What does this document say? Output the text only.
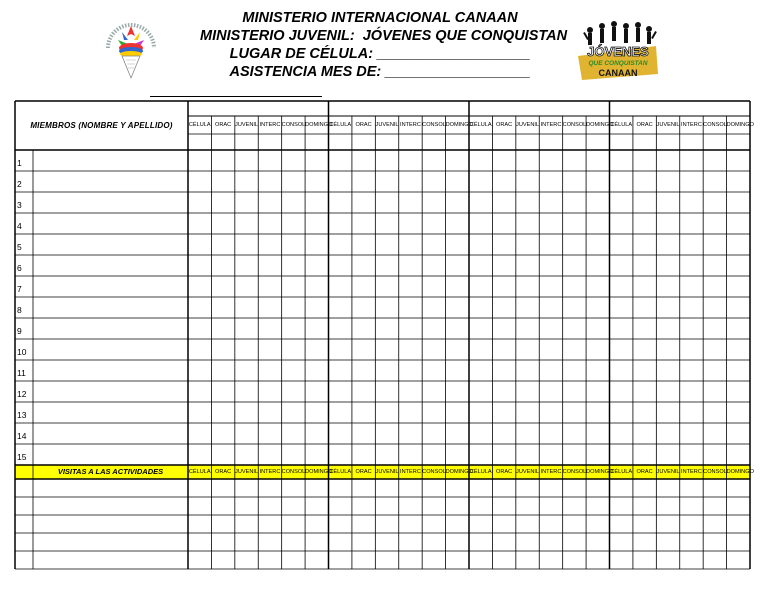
MINISTERIO INTERNACIONAL CANAAN
MINISTERIO JUVENIL:  JÓVENES QUE CONQUISTAN
LUGAR DE CÉLULA: ___________________
ASISTENCIA MES DE: __________________
JÓVENES
QUE CONQUISTAN
CANAAN
MIEMBROS (NOMBRE Y APELLIDO)	CÉLULA
CÉLULA
ORAC
ORAC
JUVENIL
JUVENIL
INTERC
INTERC
CONSOL
CONSOL
DOMINGO
DOMINGO
CÉLULA
CÉLULA
ORAC
ORAC
JUVENIL
JUVENIL
INTERC
INTERC
CONSOL
CONSOL
DOMINGO
DOMINGO
CÉLULA
CÉLULA
ORAC
ORAC
JUVENIL
JUVENIL
INTERC
INTERC
CONSOL
CONSOL
DOMINGO
DOMINGO
CÉLULA
CÉLULA
ORAC
ORAC
JUVENIL
JUVENIL
INTERC
INTERC
CONSOL
CONSOL
DOMINGO
DOMINGO
1
2
3
4
5
6
7
8
9
10
11
12
13
14
15
VISITAS A LAS ACTIVIDADES
